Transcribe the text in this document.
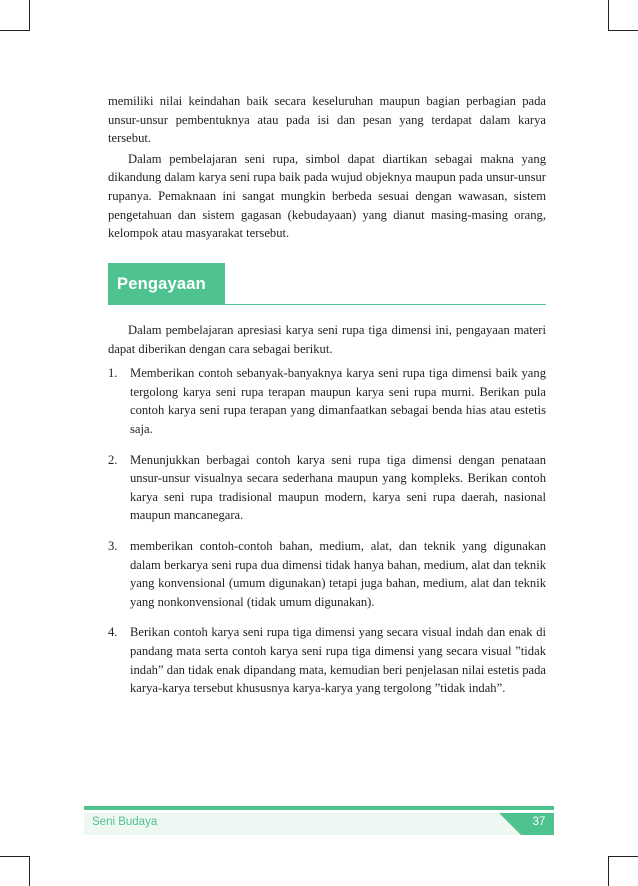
memiliki nilai keindahan baik secara keseluruhan maupun bagian perbagian pada unsur-unsur pembentuknya atau pada isi dan pesan yang terdapat dalam karya tersebut.

Dalam pembelajaran seni rupa, simbol dapat diartikan sebagai makna yang dikandung dalam karya seni rupa baik pada wujud objeknya maupun pada unsur-unsur rupanya. Pemaknaan ini sangat mungkin berbeda sesuai dengan wawasan, sistem pengetahuan dan sistem gagasan (kebudayaan) yang dianut masing-masing orang, kelompok atau masyarakat tersebut.

Pengayaan

Dalam pembelajaran apresiasi karya seni rupa tiga dimensi ini, pengayaan materi dapat diberikan dengan cara sebagai berikut.

1. Memberikan contoh sebanyak-banyaknya karya seni rupa tiga dimensi baik yang tergolong karya seni rupa terapan maupun karya seni rupa murni. Berikan pula contoh karya seni rupa terapan yang dimanfaatkan sebagai benda hias atau estetis saja.
2. Menunjukkan berbagai contoh karya seni rupa tiga dimensi dengan penataan unsur-unsur visualnya secara sederhana maupun yang kompleks. Berikan contoh karya seni rupa tradisional maupun modern, karya seni rupa daerah, nasional maupun mancanegara.
3. memberikan contoh-contoh bahan, medium, alat, dan teknik yang digunakan dalam berkarya seni rupa dua dimensi tidak hanya bahan, medium, alat dan teknik yang konvensional (umum digunakan) tetapi juga bahan, medium, alat dan teknik yang nonkonvensional (tidak umum digunakan).
4. Berikan contoh karya seni rupa tiga dimensi yang secara visual indah dan enak di pandang mata serta contoh karya seni rupa tiga dimensi yang secara visual ”tidak indah” dan tidak enak dipandang mata, kemudian beri penjelasan nilai estetis pada karya-karya tersebut khususnya karya-karya yang tergolong ”tidak indah”.
Seni Budaya	37
